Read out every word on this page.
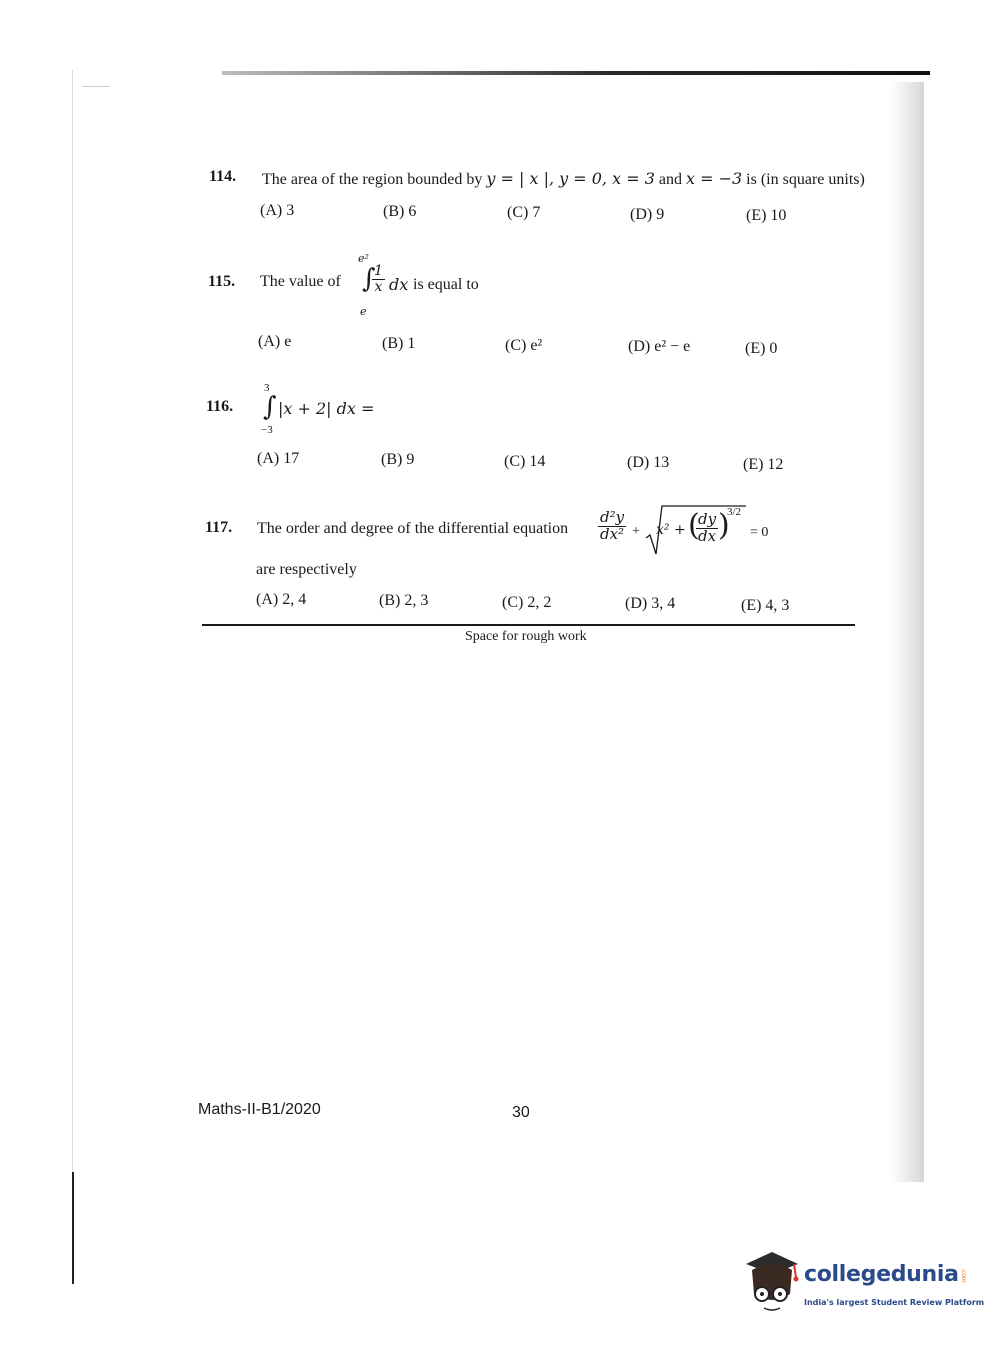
114. The area of the region bounded by y = | x |, y = 0, x = 3 and x = −3 is (in square units)
(A) 3	(B) 6	(C) 7	(D) 9	(E) 10
115. The value of
e²
∫
e
$\frac{1}{x}$ dx is equal to
(A) e	(B) 1	(C) e²	(D) e² − e	(E) 0
116.
3
∫
−3
|x + 2| dx =
(A) 17	(B) 9	(C) 14	(D) 13	(E) 12
117. The order and degree of the differential equation $\frac{\text{d²y}}{\text{dx²}} + x^2$ + (
$\frac{dy}{dx}$ )
3/2
= 0
are respectively
(A) 2, 4	(B) 2, 3	(C) 2, 2	(D) 3, 4	(E) 4, 3
Space for rough work
Maths-II-B1/2020	30
collegedunia .com
India's largest Student Review Platform
